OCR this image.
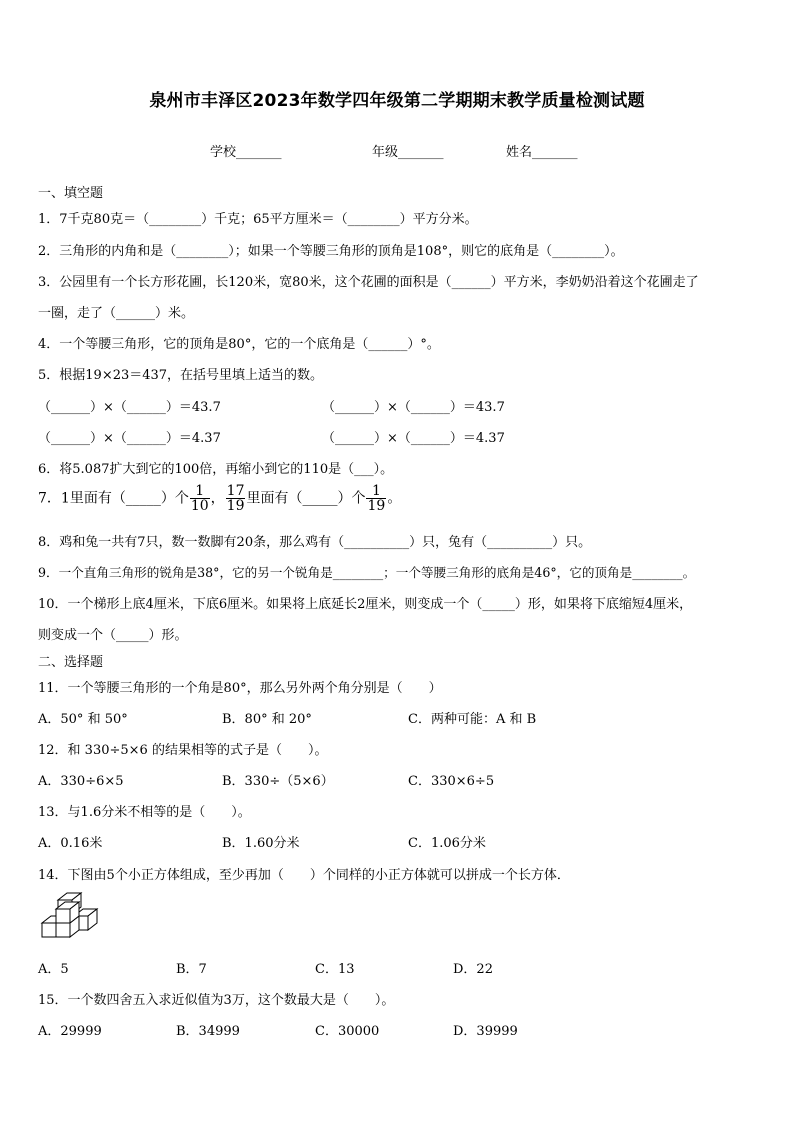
泉州市丰泽区2023年数学四年级第二学期期末教学质量检测试题
学校_______	年级_______	姓名_______
一、填空题
1．7千克80克＝（________）千克；65平方厘米＝（________）平方分米。
2．三角形的内角和是（________）；如果一个等腰三角形的顶角是108°，则它的底角是（________）。
3．公园里有一个长方形花圃，长120米，宽80米，这个花圃的面积是（______）平方米，李奶奶沿着这个花圃走了
一圈，走了（______）米。
4．一个等腰三角形，它的顶角是80°，它的一个底角是（______）°。
5．根据19×23＝437，在括号里填上适当的数。
（______）×（______）＝43.7	（______）×（______）＝43.7
（______）×（______）＝4.37	（______）×（______）＝4.37
6．将5.087扩大到它的100倍，再缩小到它的110是（___）。
7．1里面有（_____）个 $\frac{1}{10}$ ， $\frac{17}{19}$ 里面有（_____）个 $\frac{1}{19}$ 。
8．鸡和兔一共有7只，数一数脚有20条，那么鸡有（__________）只，兔有（__________）只。
9．一个直角三角形的锐角是38°，它的另一个锐角是________；一个等腰三角形的底角是46°，它的顶角是________。
10．一个梯形上底4厘米，下底6厘米。如果将上底延长2厘米，则变成一个（_____）形，如果将下底缩短4厘米，
则变成一个（_____）形。
二、选择题
11．一个等腰三角形的一个角是80°，那么另外两个角分别是（　　）
A．50° 和 50°	B．80° 和 20°	C．两种可能：A 和 B
12．和 330÷5×6 的结果相等的式子是（　　）。
A．330÷6×5	B．330÷（5×6）	C．330×6÷5
13．与1.6分米不相等的是（　　）。
A．0.16米	B．1.60分米	C．1.06分米
14．下图由5个小正方体组成，至少再加（　　）个同样的小正方体就可以拼成一个长方体．
A．5	B．7	C．13	D．22
15．一个数四舍五入求近似值为3万，这个数最大是（　　）。
A．29999	B．34999	C．30000	D．39999
